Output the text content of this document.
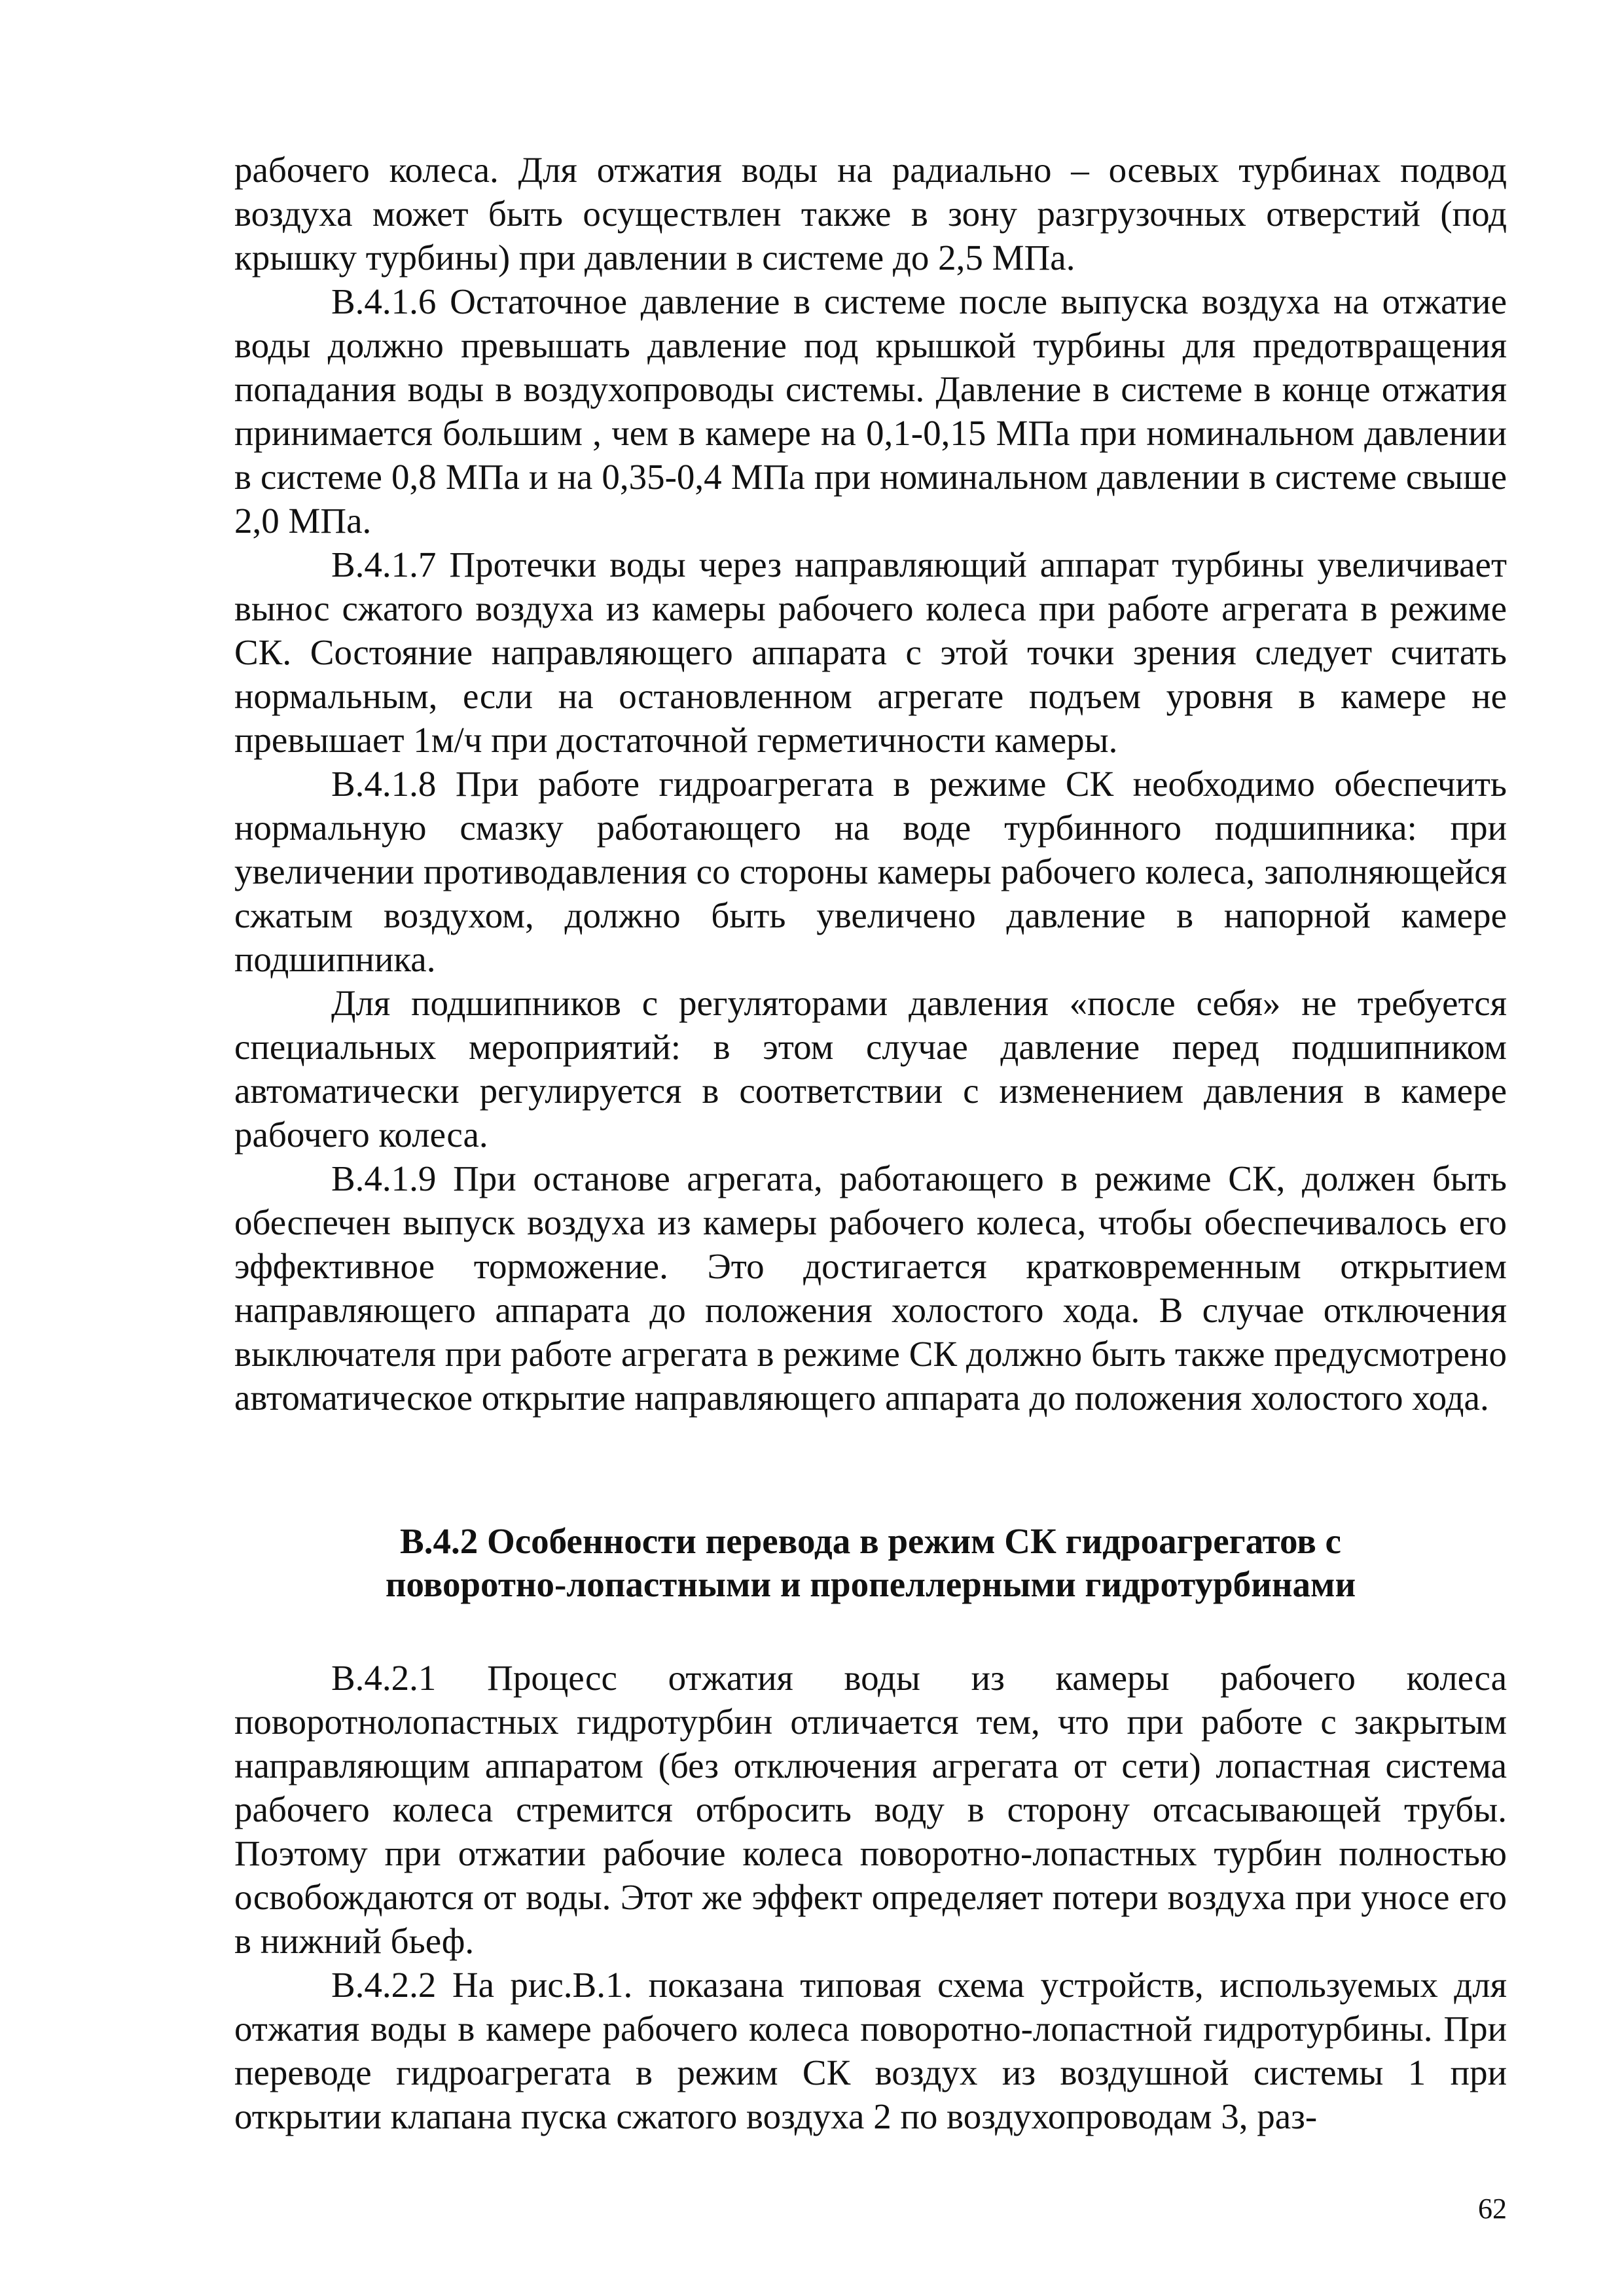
рабочего колеса. Для отжатия воды на радиально – осевых турбинах подвод воздуха может быть осуществлен также в зону разгрузочных отверстий (под крышку турбины) при давлении в системе до 2,5 МПа.

В.4.1.6 Остаточное давление в системе после выпуска воздуха на отжатие воды должно превышать давление под крышкой турбины для предотвращения попадания воды в воздухопроводы системы. Давление в системе в конце отжатия принимается большим , чем в камере на 0,1-0,15 МПа при номинальном давлении в системе 0,8 МПа и на 0,35-0,4 МПа при номинальном давлении в системе свыше 2,0 МПа.

В.4.1.7 Протечки воды через направляющий аппарат турбины увеличивает вынос сжатого воздуха из камеры рабочего колеса при работе агрегата в режиме СК. Состояние направляющего аппарата с этой точки зрения следует считать нормальным, если на остановленном агрегате подъем уровня в камере не превышает 1м/ч при достаточной герметичности камеры.

В.4.1.8 При работе гидроагрегата в режиме СК необходимо обеспечить нормальную смазку работающего на воде турбинного подшипника: при увеличении противодавления со стороны камеры рабочего колеса, заполняющейся сжатым воздухом, должно быть увеличено давление в напорной камере подшипника.

Для подшипников с регуляторами давления «после себя» не требуется специальных мероприятий: в этом случае давление перед подшипником автоматически регулируется в соответствии с изменением давления в камере рабочего колеса.

В.4.1.9 При останове агрегата, работающего в режиме СК, должен быть обеспечен выпуск воздуха из камеры рабочего колеса, чтобы обеспечивалось его эффективное торможение. Это достигается кратковременным открытием направляющего аппарата до положения холостого хода. В случае отключения выключателя при работе агрегата в режиме СК должно быть также предусмотрено автоматическое открытие направляющего аппарата до положения холостого хода.

В.4.2 Особенности перевода в режим СК гидроагрегатов с
поворотно-лопастными и пропеллерными гидротурбинами

В.4.2.1 Процесс отжатия воды из камеры рабочего колеса поворотнолопастных гидротурбин отличается тем, что при работе с закрытым направляющим аппаратом (без отключения агрегата от сети) лопастная система рабочего колеса стремится отбросить воду в сторону отсасывающей трубы. Поэтому при отжатии рабочие колеса поворотно-лопастных турбин полностью освобождаются от воды. Этот же эффект определяет потери воздуха при уносе его в нижний бьеф.

В.4.2.2 На рис.В.1. показана типовая схема устройств, используемых для отжатия воды в камере рабочего колеса поворотно-лопастной гидротурбины. При переводе гидроагрегата в режим СК воздух из воздушной системы 1 при открытии клапана пуска сжатого воздуха 2 по воздухопроводам 3, раз-

62
